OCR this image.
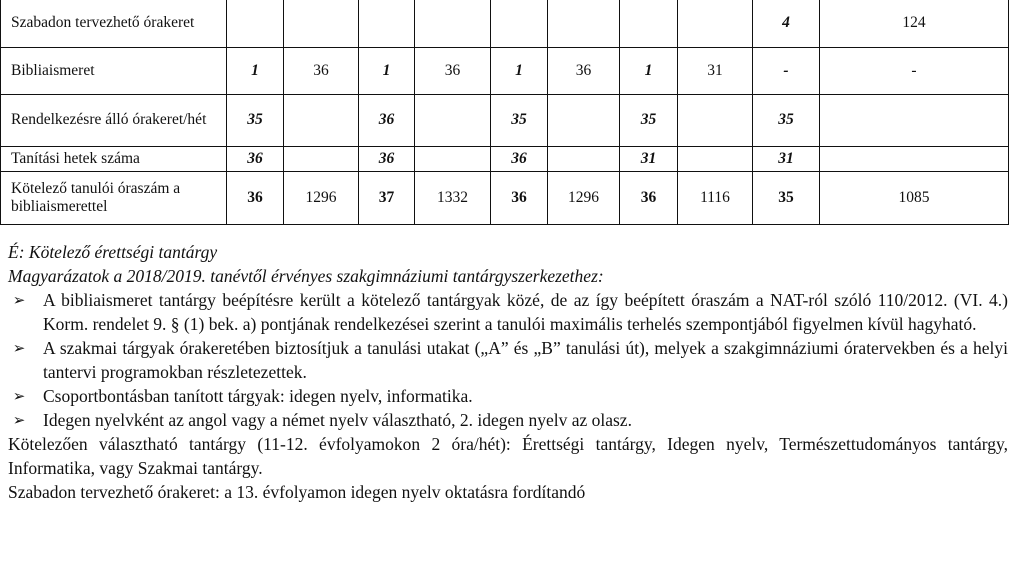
Szabadon tervezhető órakeret									4	124
Bibliaismeret	1	36	1	36	1	36	1	31	-	-
Rendelkezésre álló órakeret/hét	35		36		35		35		35	
Tanítási hetek száma	36		36		36		31		31	
Kötelező tanulói óraszám a bibliaismerettel	36	1296	37	1332	36	1296	36	1116	35	1085
É: Kötelező érettségi tantárgy
Magyarázatok a 2018/2019. tanévtől érvényes szakgimnáziumi tantárgyszerkezethez:
➢ A bibliaismeret tantárgy beépítésre került a kötelező tantárgyak közé, de az így beépített óraszám a NAT-ról szóló 110/2012. (VI. 4.) Korm. rendelet 9. § (1) bek. a) pontjának rendelkezései szerint a tanulói maximális terhelés szempontjából figyelmen kívül hagyható.
➢ A szakmai tárgyak órakeretében biztosítjuk a tanulási utakat („A” és „B” tanulási út), melyek a szakgimnáziumi óratervekben és a helyi tantervi programokban részletezettek.
➢ Csoportbontásban tanított tárgyak: idegen nyelv, informatika.
➢ Idegen nyelvként az angol vagy a német nyelv választható, 2. idegen nyelv az olasz.
Kötelezően választható tantárgy (11-12. évfolyamokon 2 óra/hét): Érettségi tantárgy, Idegen nyelv, Természettudományos tantárgy, Informatika, vagy Szakmai tantárgy.
Szabadon tervezhető órakeret: a 13. évfolyamon idegen nyelv oktatásra fordítandó
